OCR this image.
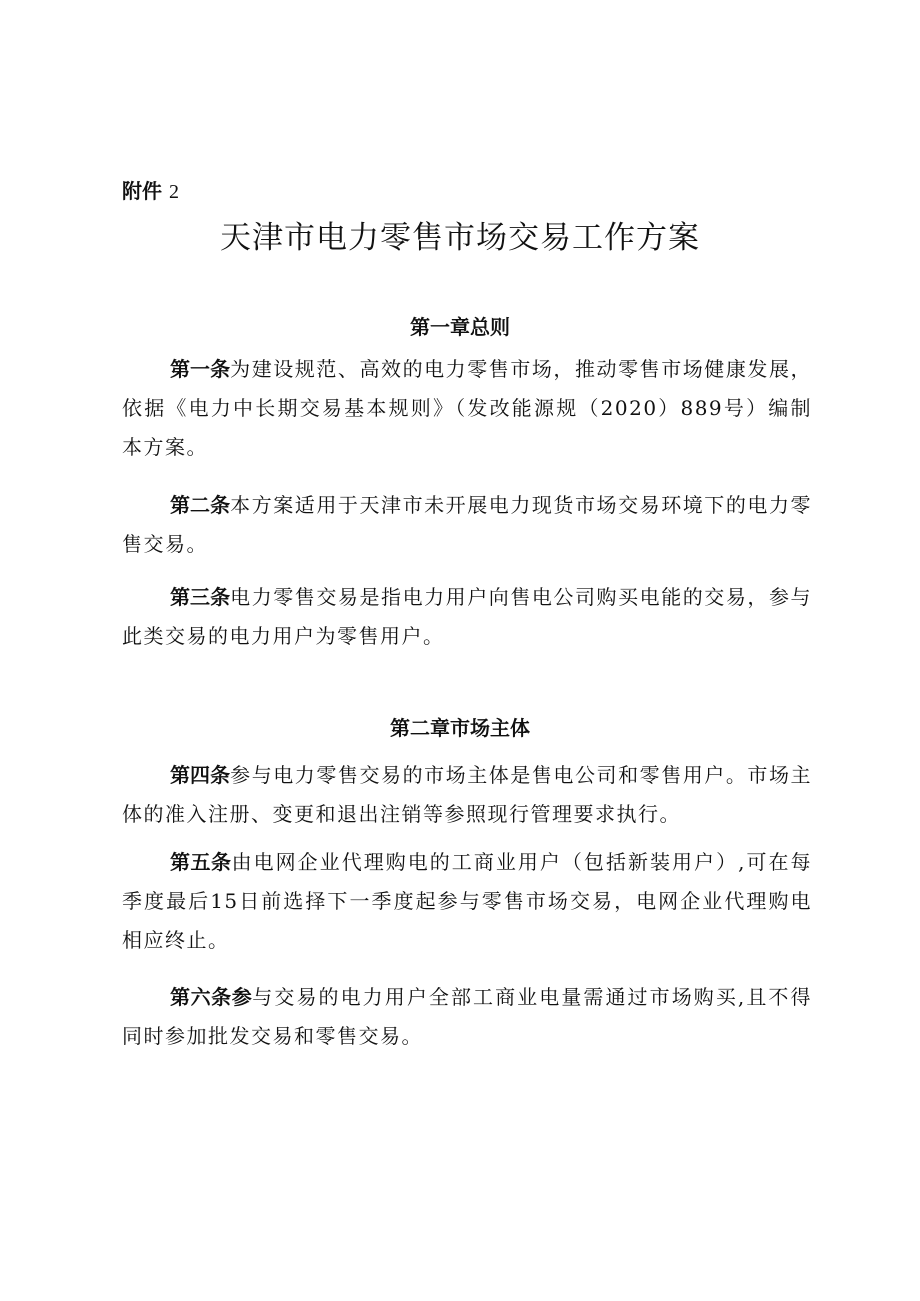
附件 2
天津市电力零售市场交易工作方案
第一章总则
第一条为建设规范、高效的电力零售市场，推动零售市场健康发展，依据《电力中长期交易基本规则》（发改能源规（2020）889号）编制本方案。
第二条本方案适用于天津市未开展电力现货市场交易环境下的电力零售交易。
第三条电力零售交易是指电力用户向售电公司购买电能的交易，参与此类交易的电力用户为零售用户。
第二章市场主体
第四条参与电力零售交易的市场主体是售电公司和零售用户。市场主体的准入注册、变更和退出注销等参照现行管理要求执行。
第五条由电网企业代理购电的工商业用户（包括新装用户）,可在每季度最后15日前选择下一季度起参与零售市场交易，电网企业代理购电相应终止。
第六条参与交易的电力用户全部工商业电量需通过市场购买,且不得同时参加批发交易和零售交易。
